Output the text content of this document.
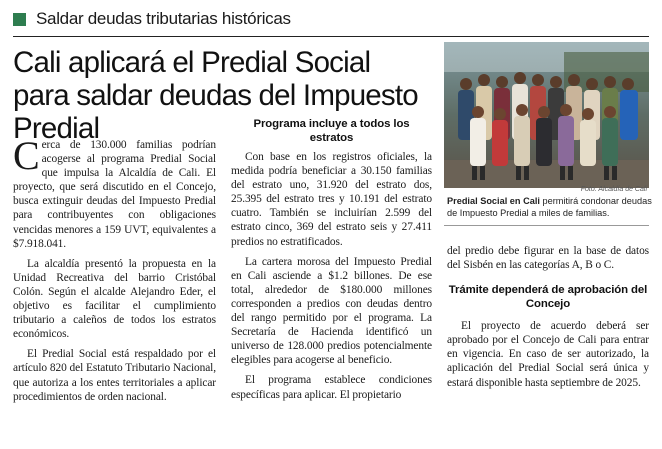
Saldar deudas tributarias históricas
Cali aplicará el Predial Social para saldar deudas del Impuesto Predial
Foto: Alcaldía de Cali
Predial Social en Cali permitirá condonar deudas de Impuesto Predial a miles de familias.

Cerca de 130.000 familias podrían acogerse al programa Predial Social que impulsa la Alcaldía de Cali. El proyecto, que será discutido en el Concejo, busca extinguir deudas del Impuesto Predial para contribuyentes con obligaciones vencidas menores a 159 UVT, equivalentes a $7.918.041.

La alcaldía presentó la propuesta en la Unidad Recreativa del barrio Cristóbal Colón. Según el alcalde Alejandro Eder, el objetivo es facilitar el cumplimiento tributario a caleños de todos los estratos económicos.

El Predial Social está respaldado por el artículo 820 del Estatuto Tributario Nacional, que autoriza a los entes territoriales a aplicar procedimientos de orden nacional.

Programa incluye a todos los estratos

Con base en los registros oficiales, la medida podría beneficiar a 30.150 familias del estrato uno, 31.920 del estrato dos, 25.395 del estrato tres y 10.191 del estrato cuatro. También se incluirían 2.599 del estrato cinco, 369 del estrato seis y 27.411 predios no estratificados.

La cartera morosa del Impuesto Predial en Cali asciende a $1.2 billones. De ese total, alrededor de $180.000 millones corresponden a predios con deudas dentro del rango permitido por el programa. La Secretaría de Hacienda identificó un universo de 128.000 predios potencialmente elegibles para acogerse al beneficio.

El programa establece condiciones específicas para aplicar. El propietario

del predio debe figurar en la base de datos del Sisbén en las categorías A, B o C.

Trámite dependerá de aprobación del Concejo

El proyecto de acuerdo deberá ser aprobado por el Concejo de Cali para entrar en vigencia. En caso de ser autorizado, la aplicación del Predial Social será única y estará disponible hasta septiembre de 2025.
